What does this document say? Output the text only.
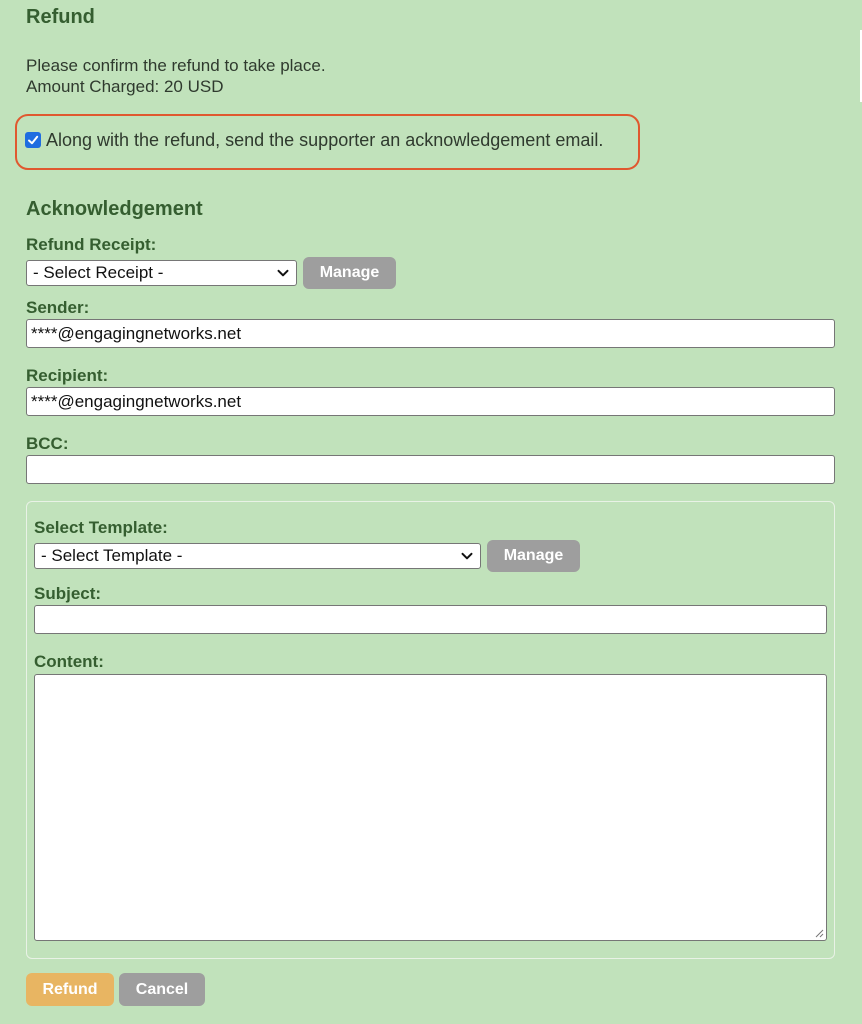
Refund
Please confirm the refund to take place.
Amount Charged: 20 USD
Along with the refund, send the supporter an acknowledgement email.
Acknowledgement
Refund Receipt:
- Select Receipt -	Manage
Sender:
****@engagingnetworks.net
Recipient:
****@engagingnetworks.net
BCC:
Select Template:
- Select Template -	Manage
Subject:
Content:
Refund	Cancel
